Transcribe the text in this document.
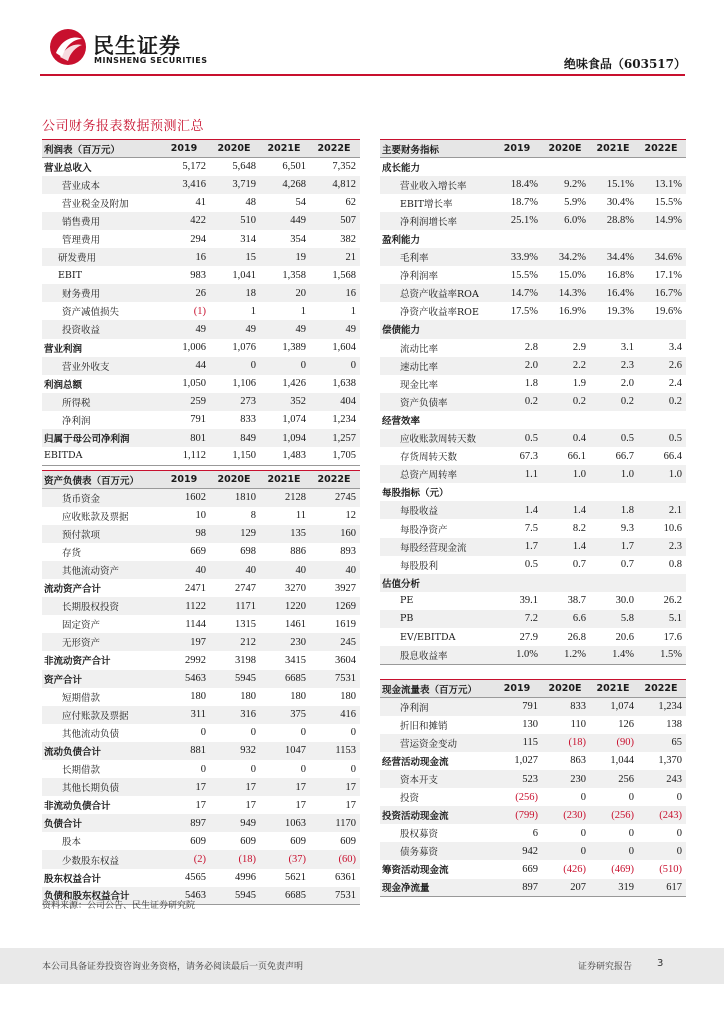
民生证券
MINSHENG SECURITIES	绝味食品（603517）
公司财务报表数据预测汇总
利润表（百万元）	2019	2020E	2021E	2022E
营业总收入	5,172	5,648	6,501	7,352
营业成本	3,416	3,719	4,268	4,812
营业税金及附加	41	48	54	62
销售费用	422	510	449	507
管理费用	294	314	354	382
研发费用	16	15	19	21
EBIT	983	1,041	1,358	1,568
财务费用	26	18	20	16
资产减值损失	(1)	1	1	1
投资收益	49	49	49	49
营业利润	1,006	1,076	1,389	1,604
营业外收支	44	0	0	0
利润总额	1,050	1,106	1,426	1,638
所得税	259	273	352	404
净利润	791	833	1,074	1,234
归属于母公司净利润	801	849	1,094	1,257
EBITDA	1,112	1,150	1,483	1,705
资产负债表（百万元）	2019	2020E	2021E	2022E
货币资金	1602	1810	2128	2745
应收账款及票据	10	8	11	12
预付款项	98	129	135	160
存货	669	698	886	893
其他流动资产	40	40	40	40
流动资产合计	2471	2747	3270	3927
长期股权投资	1122	1171	1220	1269
固定资产	1144	1315	1461	1619
无形资产	197	212	230	245
非流动资产合计	2992	3198	3415	3604
资产合计	5463	5945	6685	7531
短期借款	180	180	180	180
应付账款及票据	311	316	375	416
其他流动负债	0	0	0	0
流动负债合计	881	932	1047	1153
长期借款	0	0	0	0
其他长期负债	17	17	17	17
非流动负债合计	17	17	17	17
负债合计	897	949	1063	1170
股本	609	609	609	609
少数股东权益	(2)	(18)	(37)	(60)
股东权益合计	4565	4996	5621	6361
负债和股东权益合计	5463	5945	6685	7531
主要财务指标	2019	2020E	2021E	2022E
成长能力				
营业收入增长率	18.4%	9.2%	15.1%	13.1%
EBIT增长率	18.7%	5.9%	30.4%	15.5%
净利润增长率	25.1%	6.0%	28.8%	14.9%
盈利能力				
毛利率	33.9%	34.2%	34.4%	34.6%
净利润率	15.5%	15.0%	16.8%	17.1%
总资产收益率ROA	14.7%	14.3%	16.4%	16.7%
净资产收益率ROE	17.5%	16.9%	19.3%	19.6%
偿债能力				
流动比率	2.8	2.9	3.1	3.4
速动比率	2.0	2.2	2.3	2.6
现金比率	1.8	1.9	2.0	2.4
资产负债率	0.2	0.2	0.2	0.2
经营效率				
应收账款周转天数	0.5	0.4	0.5	0.5
存货周转天数	67.3	66.1	66.7	66.4
总资产周转率	1.1	1.0	1.0	1.0
每股指标（元）				
每股收益	1.4	1.4	1.8	2.1
每股净资产	7.5	8.2	9.3	10.6
每股经营现金流	1.7	1.4	1.7	2.3
每股股利	0.5	0.7	0.7	0.8
估值分析				
PE	39.1	38.7	30.0	26.2
PB	7.2	6.6	5.8	5.1
EV/EBITDA	27.9	26.8	20.6	17.6
股息收益率	1.0%	1.2%	1.4%	1.5%
现金流量表（百万元）	2019	2020E	2021E	2022E
净利润	791	833	1,074	1,234
折旧和摊销	130	110	126	138
营运资金变动	115	(18)	(90)	65
经营活动现金流	1,027	863	1,044	1,370
资本开支	523	230	256	243
投资	(256)	0	0	0
投资活动现金流	(799)	(230)	(256)	(243)
股权募资	6	0	0	0
债务募资	942	0	0	0
筹资活动现金流	669	(426)	(469)	(510)
现金净流量	897	207	319	617
资料来源：公司公告、民生证券研究院
本公司具备证券投资咨询业务资格，请务必阅读最后一页免责声明	证券研究报告 3
